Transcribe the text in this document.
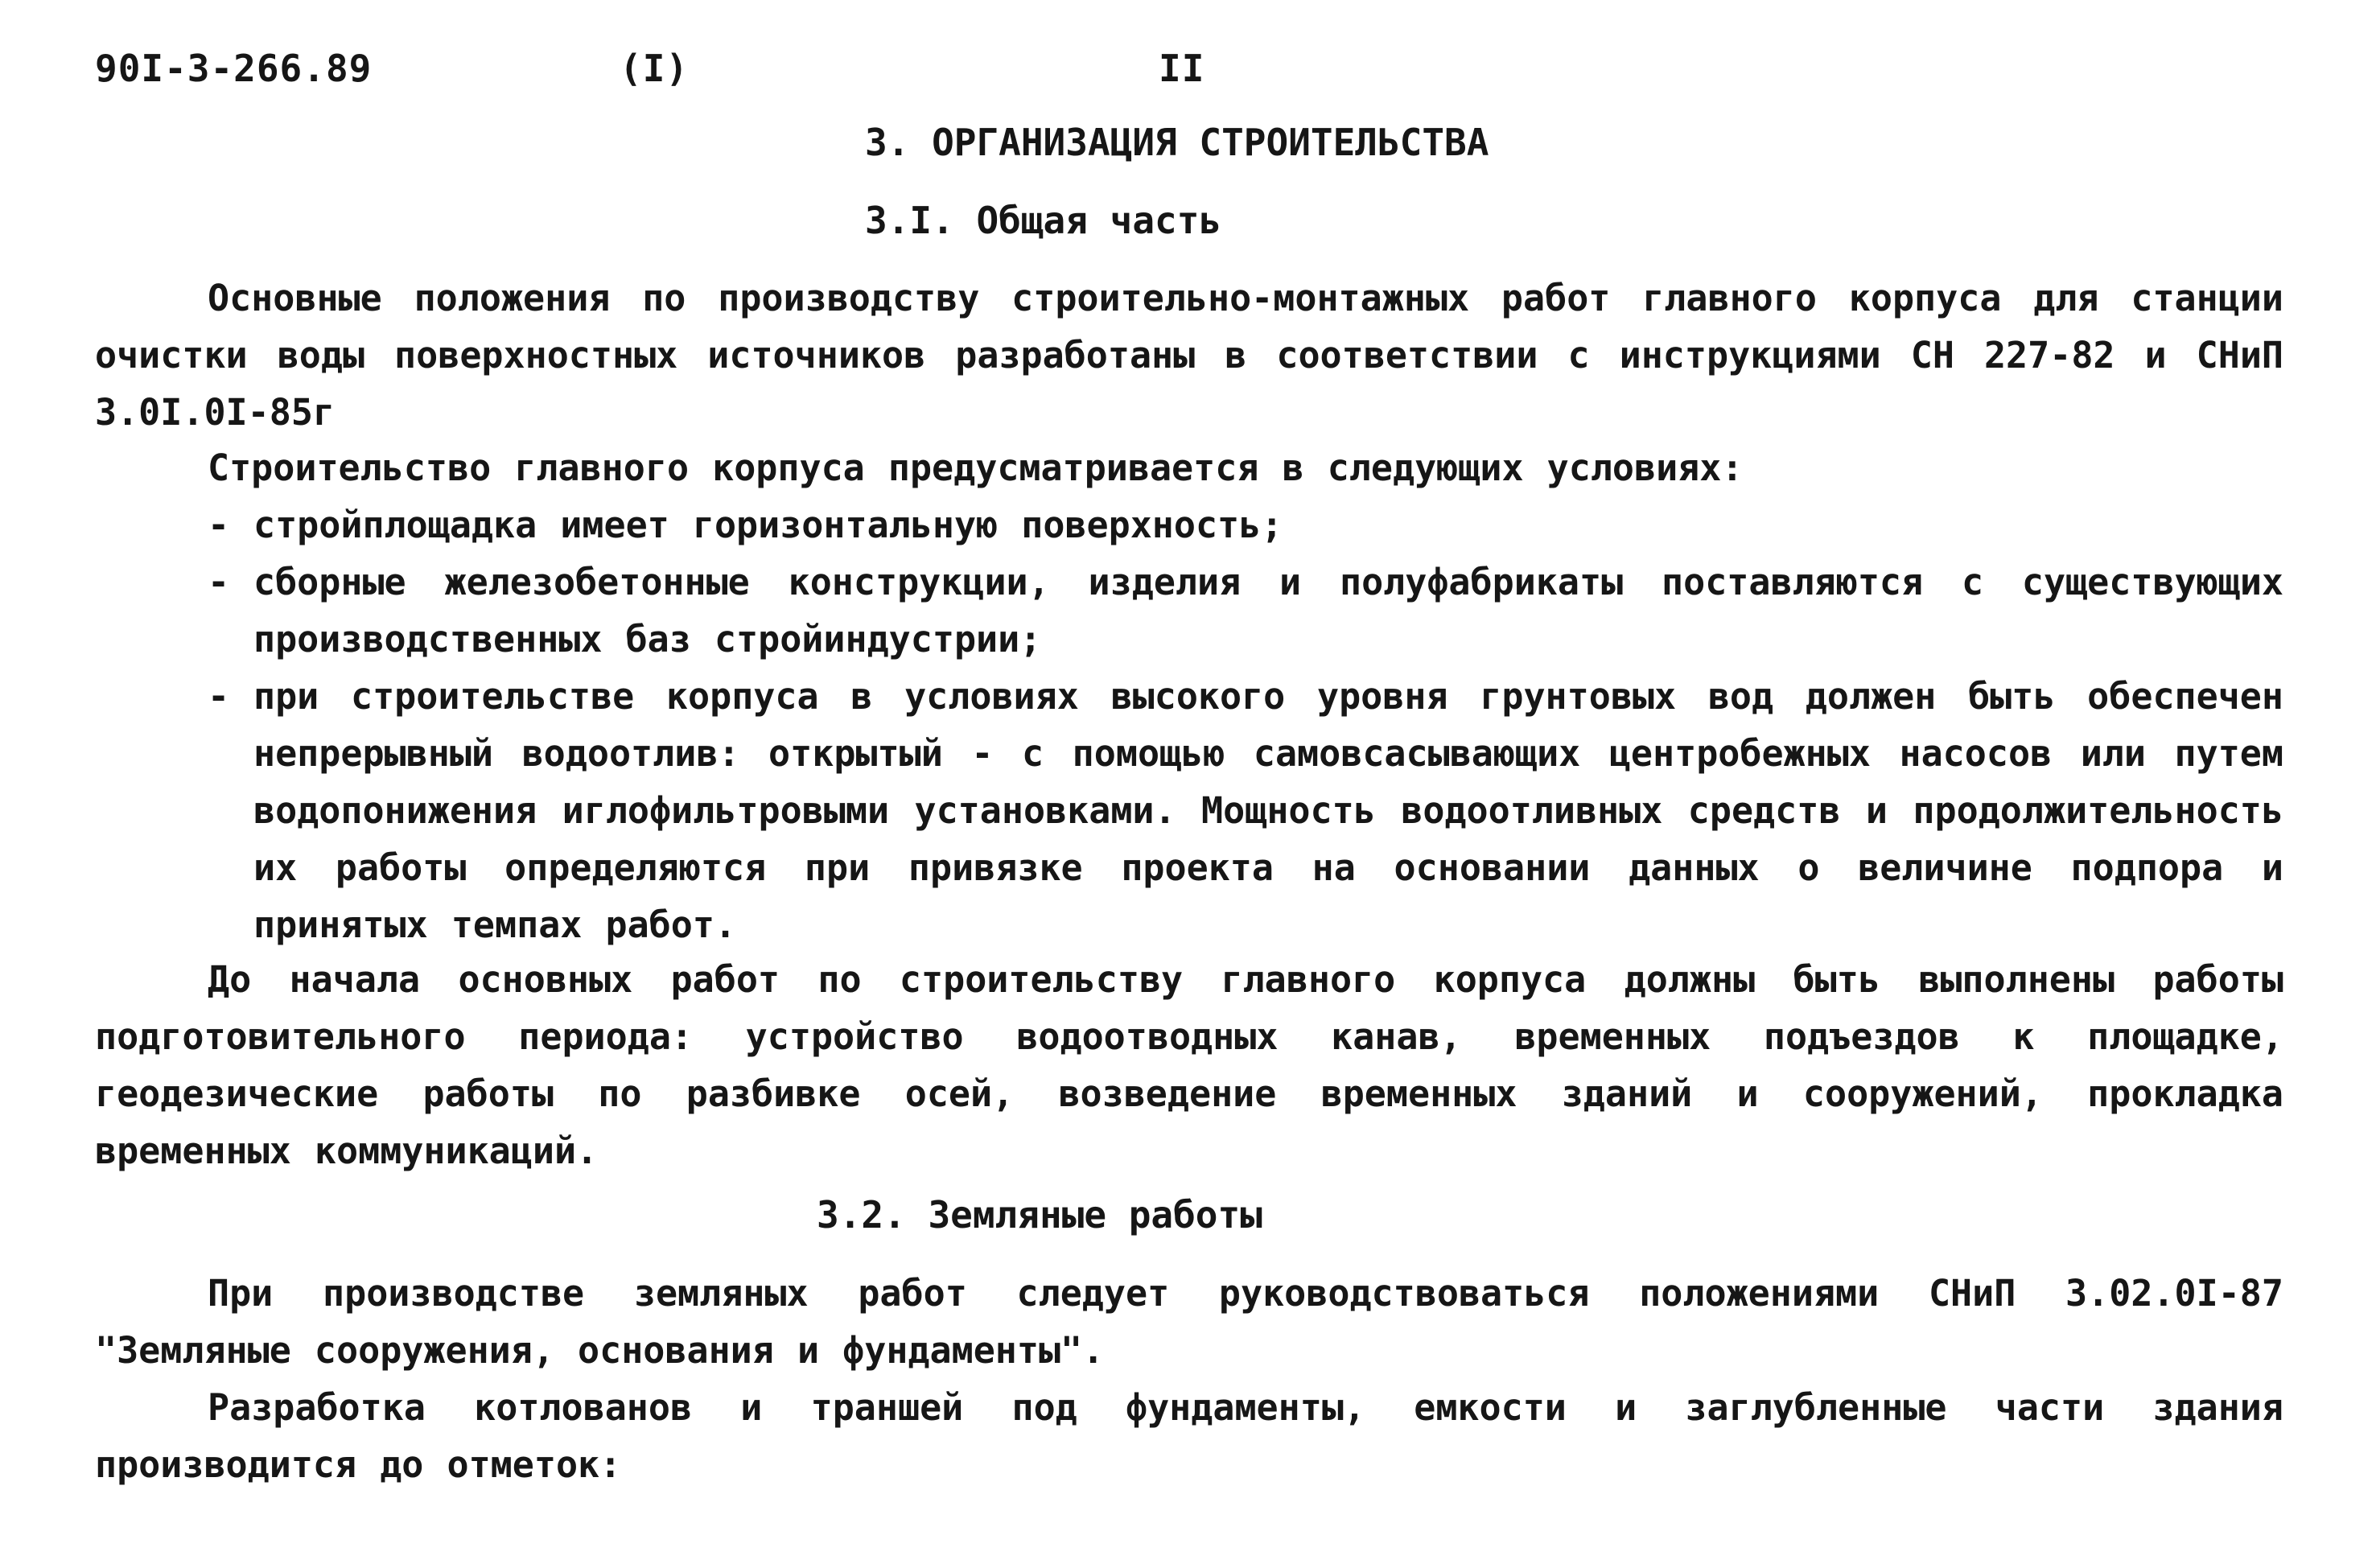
90I-3-266.89	(I)	II
3. ОРГАНИЗАЦИЯ СТРОИТЕЛЬСТВА
3.I. Общая часть
Основные положения по производству строительно-монтажных работ главного корпуса для станции очистки воды поверхностных источников разработаны в соответствии с инструкциями СН 227-82 и СНиП 3.0I.0I-85г
Строительство главного корпуса предусматривается в следующих условиях:
- стройплощадка имеет горизонтальную поверхность;
- сборные железобетонные конструкции, изделия и полуфабрикаты поставляются с существующих производственных баз стройиндустрии;
- при строительстве корпуса в условиях высокого уровня грунтовых вод должен быть обеспечен непрерывный водоотлив: открытый - с помощью самовсасывающих центробежных насосов или путем водопонижения иглофильтровыми установками. Мощность водоотливных средств и продолжительность их работы определяются при привязке проекта на основании данных о величине подпора и принятых темпах работ.
До начала основных работ по строительству главного корпуса должны быть выполнены работы подготовительного периода: устройство водоотводных канав, временных подъездов к площадке, геодезические работы по разбивке осей, возведение временных зданий и сооружений, прокладка временных коммуникаций.
3.2. Земляные работы
При производстве земляных работ следует руководствоваться положениями СНиП 3.02.0I-87 "Земляные сооружения, основания и фундаменты".
Разработка котлованов и траншей под фундаменты, емкости и заглубленные части здания производится до отметок:
